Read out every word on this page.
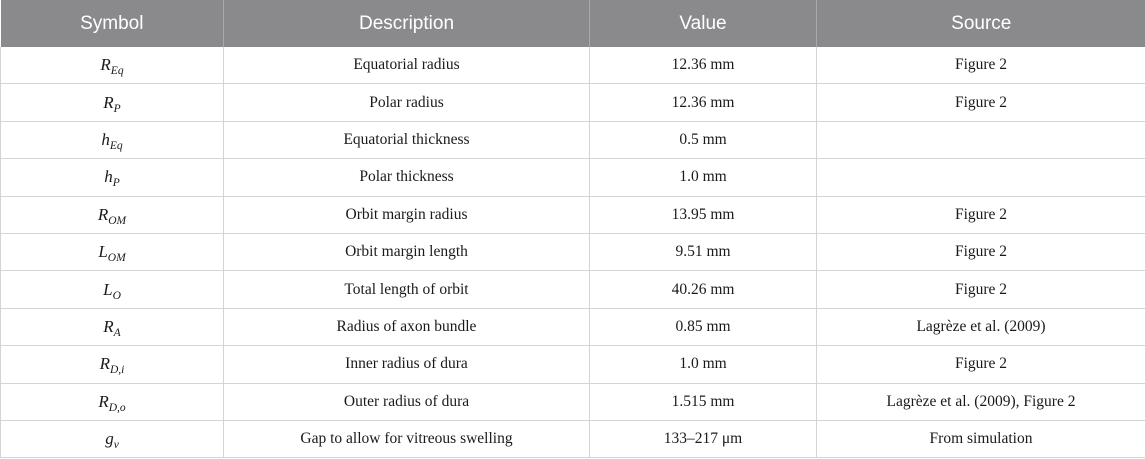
Symbol	Description	Value	Source
$R_{Eq}$	Equatorial radius	12.36 mm	Figure 2
$R_P$	Polar radius	12.36 mm	Figure 2
$h_{Eq}$	Equatorial thickness	0.5 mm	
$h_P$	Polar thickness	1.0 mm	
$R_{OM}$	Orbit margin radius	13.95 mm	Figure 2
$L_{OM}$	Orbit margin length	9.51 mm	Figure 2
$L_O$	Total length of orbit	40.26 mm	Figure 2
$R_A$	Radius of axon bundle	0.85 mm	Lagrèze et al. (2009)
$R_{D,i}$	Inner radius of dura	1.0 mm	Figure 2
$R_{D,o}$	Outer radius of dura	1.515 mm	Lagrèze et al. (2009), Figure 2
$g_v$	Gap to allow for vitreous swelling	133–217 μm	From simulation
